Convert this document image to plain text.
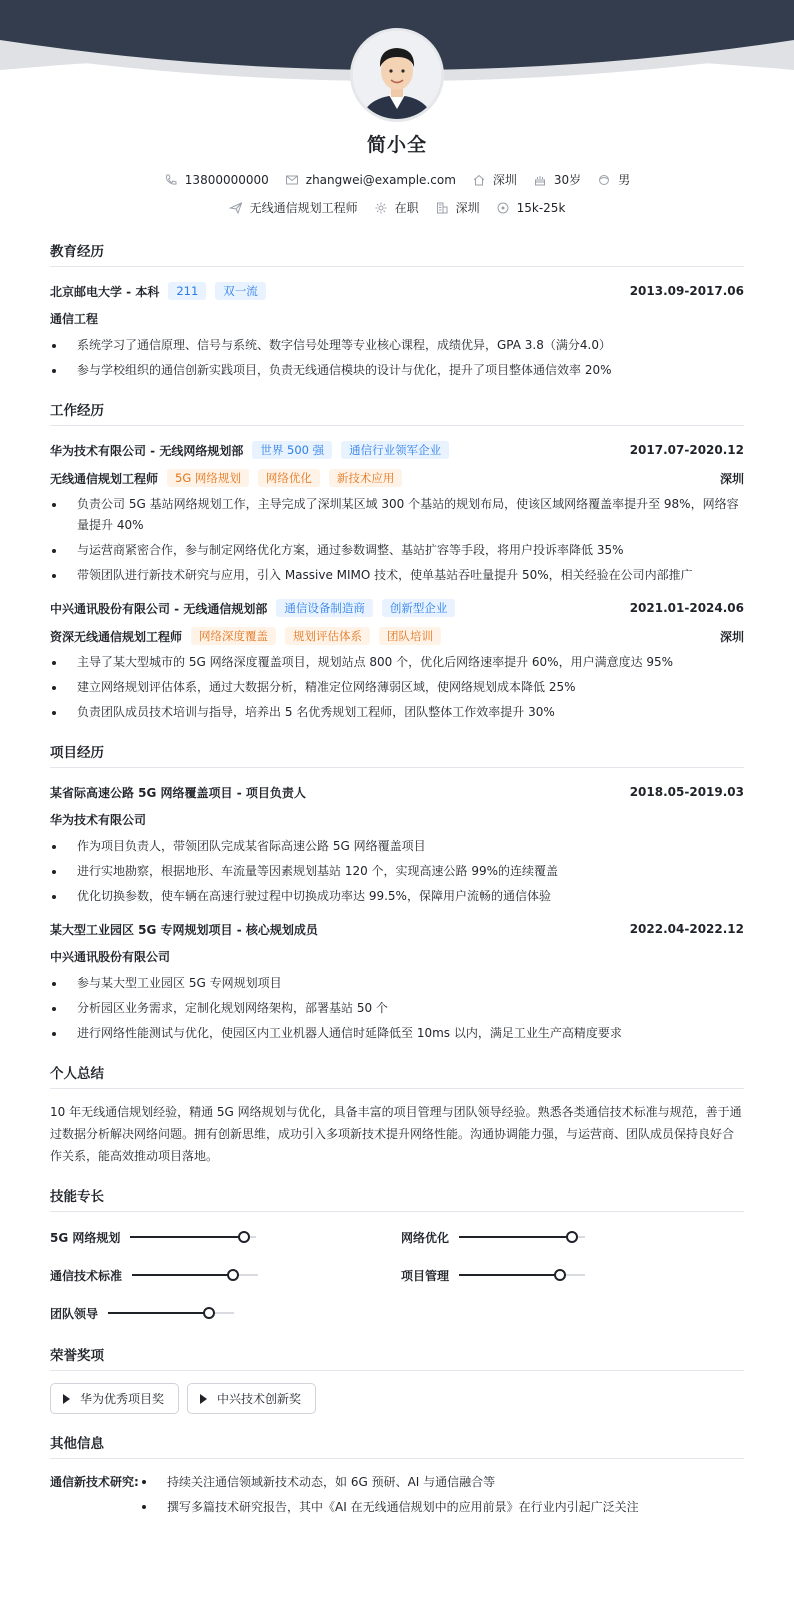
简小全
13800000000	zhangwei@example.com	深圳	30岁	男
无线通信规划工程师	在职	深圳	15k-25k
教育经历
北京邮电大学 - 本科	211	双一流	2013.09-2017.06
通信工程
系统学习了通信原理、信号与系统、数字信号处理等专业核心课程，成绩优异，GPA 3.8（满分4.0）
参与学校组织的通信创新实践项目，负责无线通信模块的设计与优化，提升了项目整体通信效率 20%
工作经历
华为技术有限公司 - 无线网络规划部	世界 500 强	通信行业领军企业	2017.07-2020.12
无线通信规划工程师	5G 网络规划	网络优化	新技术应用	深圳
负责公司 5G 基站网络规划工作，主导完成了深圳某区域 300 个基站的规划布局，使该区域网络覆盖率提升至 98%，网络容量提升 40%
与运营商紧密合作，参与制定网络优化方案，通过参数调整、基站扩容等手段，将用户投诉率降低 35%
带领团队进行新技术研究与应用，引入 Massive MIMO 技术，使单基站吞吐量提升 50%，相关经验在公司内部推广
中兴通讯股份有限公司 - 无线通信规划部	通信设备制造商	创新型企业	2021.01-2024.06
资深无线通信规划工程师	网络深度覆盖	规划评估体系	团队培训	深圳
主导了某大型城市的 5G 网络深度覆盖项目，规划站点 800 个，优化后网络速率提升 60%，用户满意度达 95%
建立网络规划评估体系，通过大数据分析，精准定位网络薄弱区域，使网络规划成本降低 25%
负责团队成员技术培训与指导，培养出 5 名优秀规划工程师，团队整体工作效率提升 30%
项目经历
某省际高速公路 5G 网络覆盖项目 - 项目负责人	2018.05-2019.03
华为技术有限公司
作为项目负责人，带领团队完成某省际高速公路 5G 网络覆盖项目
进行实地勘察，根据地形、车流量等因素规划基站 120 个，实现高速公路 99%的连续覆盖
优化切换参数，使车辆在高速行驶过程中切换成功率达 99.5%，保障用户流畅的通信体验
某大型工业园区 5G 专网规划项目 - 核心规划成员	2022.04-2022.12
中兴通讯股份有限公司
参与某大型工业园区 5G 专网规划项目
分析园区业务需求，定制化规划网络架构，部署基站 50 个
进行网络性能测试与优化，使园区内工业机器人通信时延降低至 10ms 以内，满足工业生产高精度要求
个人总结
10 年无线通信规划经验，精通 5G 网络规划与优化，具备丰富的项目管理与团队领导经验。熟悉各类通信技术标准与规范，善于通过数据分析解决网络问题。拥有创新思维，成功引入多项新技术提升网络性能。沟通协调能力强，与运营商、团队成员保持良好合作关系，能高效推动项目落地。
技能专长
5G 网络规划	网络优化
通信技术标准	项目管理
团队领导
荣誉奖项
华为优秀项目奖	中兴技术创新奖
其他信息
通信新技术研究:	持续关注通信领域新技术动态，如 6G 预研、AI 与通信融合等
撰写多篇技术研究报告，其中《AI 在无线通信规划中的应用前景》在行业内引起广泛关注
